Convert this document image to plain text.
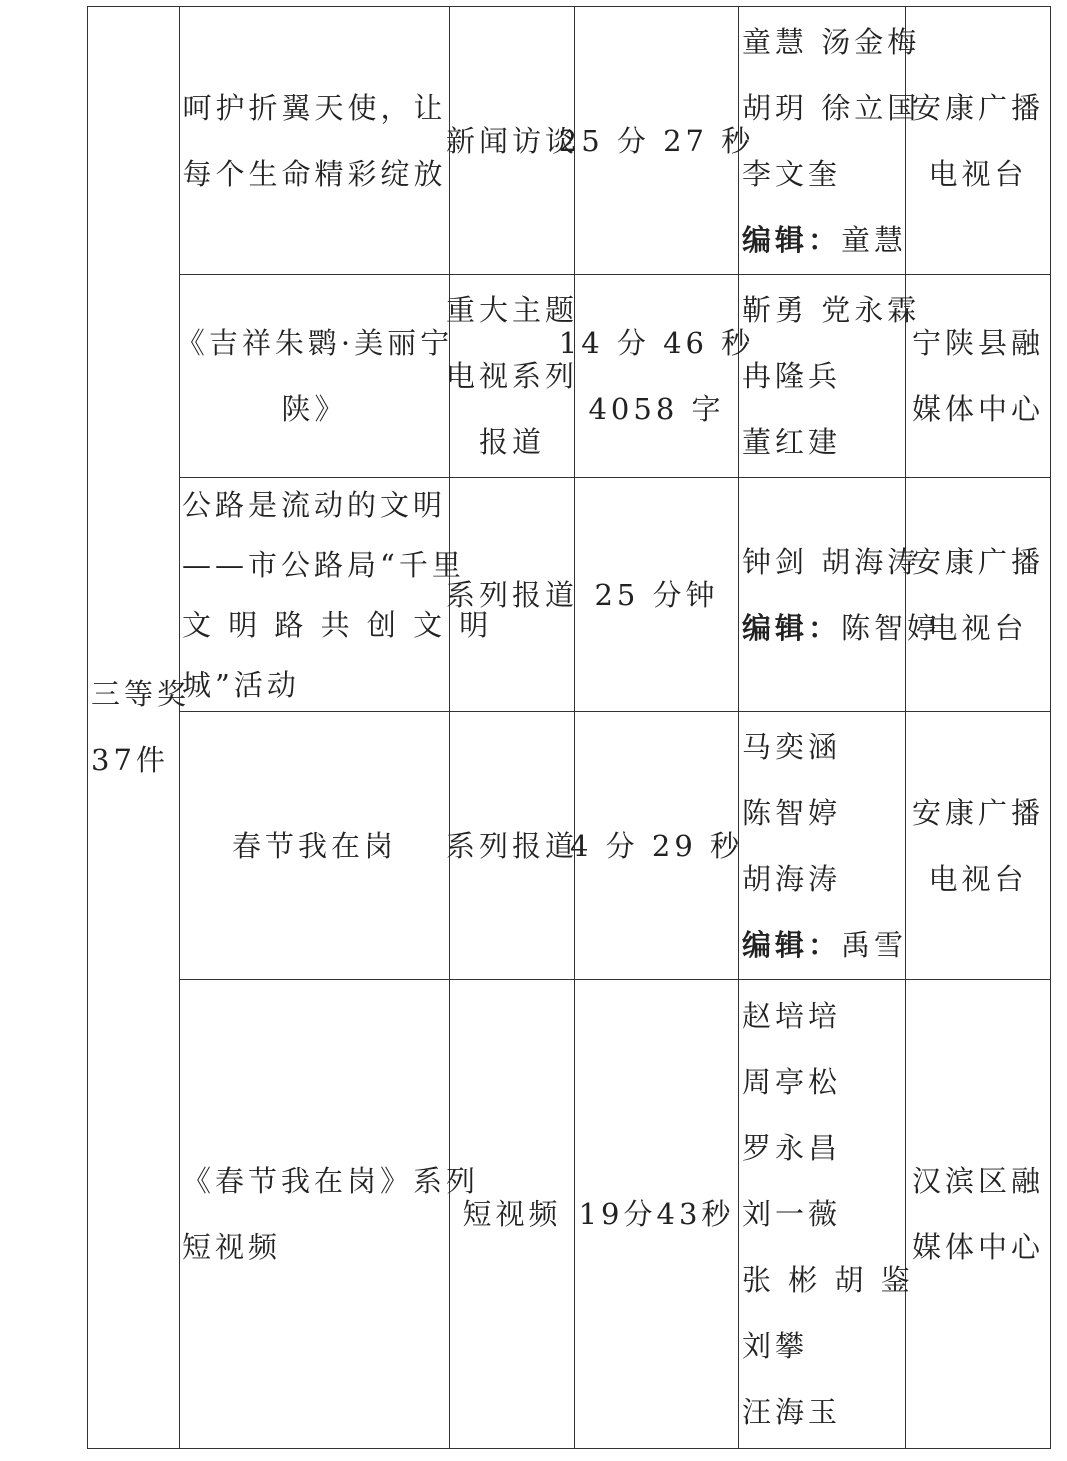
三等奖
37件
呵护折翼天使，让
每个生命精彩绽放
新闻访谈
25 分 27 秒
童慧 汤金梅
胡玥 徐立国
李文奎
编辑：童慧
安康广播
电视台
《吉祥朱鹮·美丽宁
陕》
重大主题
电视系列
报道
14 分 46 秒
4058 字
靳勇 党永霖
冉隆兵
董红建
宁陕县融
媒体中心
公路是流动的文明
——市公路局“千里
文 明 路 共 创 文 明
城”活动
系列报道 25 分钟
钟剑 胡海涛
编辑：陈智婷
安康广播
电视台
春节我在岗 系列报道
4 分 29 秒
马奕涵
陈智婷
胡海涛
编辑：禹雪
安康广播
电视台
《春节我在岗》系列
短视频
短视频 19分43秒
赵培培
周亭松
罗永昌
刘一薇
张 彬 胡 鉴
刘攀
汪海玉
汉滨区融
媒体中心
